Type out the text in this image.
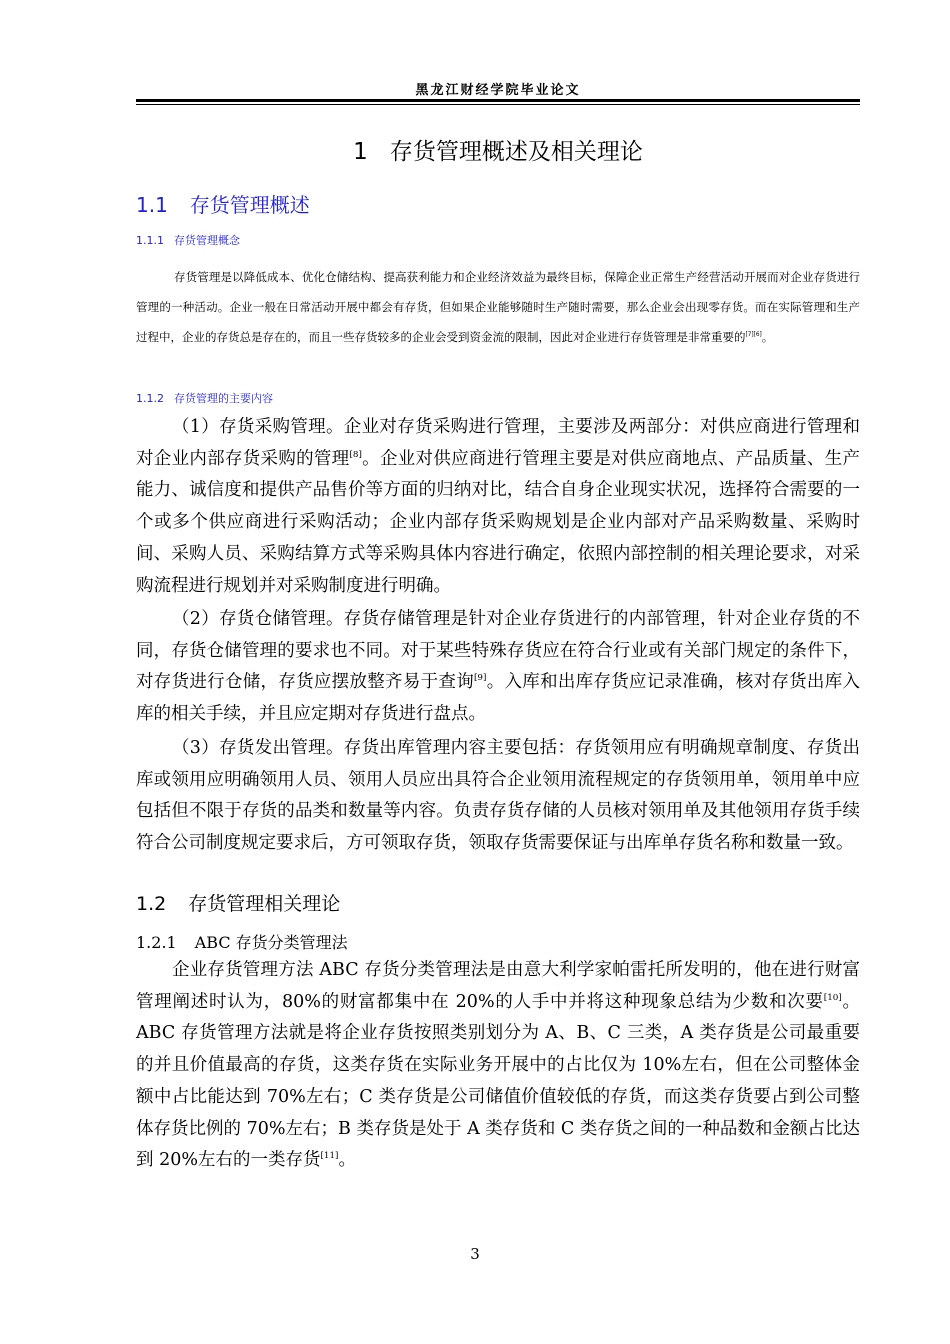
黑龙江财经学院毕业论文
1 存货管理概述及相关理论
1.1 存货管理概述
1.1.1 存货管理概念

存货管理是以降低成本、优化仓储结构、提高获利能力和企业经济效益为最终目标，保障企业正常生产经营活动开展而对企业存货进行管理的一种活动。企业一般在日常活动开展中都会有存货，但如果企业能够随时生产随时需要，那么企业会出现零存货。而在实际管理和生产过程中，企业的存货总是存在的，而且一些存货较多的企业会受到资金流的限制，因此对企业进行存货管理是非常重要的[7][6]。

1.1.2 存货管理的主要内容

（1）存货采购管理。企业对存货采购进行管理，主要涉及两部分：对供应商进行管理和对企业内部存货采购的管理[8]。企业对供应商进行管理主要是对供应商地点、产品质量、生产能力、诚信度和提供产品售价等方面的归纳对比，结合自身企业现实状况，选择符合需要的一个或多个供应商进行采购活动；企业内部存货采购规划是企业内部对产品采购数量、采购时间、采购人员、采购结算方式等采购具体内容进行确定，依照内部控制的相关理论要求，对采购流程进行规划并对采购制度进行明确。

（2）存货仓储管理。存货存储管理是针对企业存货进行的内部管理，针对企业存货的不同，存货仓储管理的要求也不同。对于某些特殊存货应在符合行业或有关部门规定的条件下，对存货进行仓储，存货应摆放整齐易于查询[9]。入库和出库存货应记录准确，核对存货出库入库的相关手续，并且应定期对存货进行盘点。

（3）存货发出管理。存货出库管理内容主要包括：存货领用应有明确规章制度、存货出库或领用应明确领用人员、领用人员应出具符合企业领用流程规定的存货领用单，领用单中应包括但不限于存货的品类和数量等内容。负责存货存储的人员核对领用单及其他领用存货手续符合公司制度规定要求后，方可领取存货，领取存货需要保证与出库单存货名称和数量一致。

1.2 存货管理相关理论
1.2.1 ABC 存货分类管理法

企业存货管理方法 ABC 存货分类管理法是由意大利学家帕雷托所发明的，他在进行财富管理阐述时认为，80%的财富都集中在 20%的人手中并将这种现象总结为少数和次要[10]。ABC 存货管理方法就是将企业存货按照类别划分为 A、B、C 三类，A 类存货是公司最重要的并且价值最高的存货，这类存货在实际业务开展中的占比仅为 10%左右，但在公司整体金额中占比能达到 70%左右；C 类存货是公司储值价值较低的存货，而这类存货要占到公司整体存货比例的 70%左右；B 类存货是处于 A 类存货和 C 类存货之间的一种品数和金额占比达到 20%左右的一类存货[11]。

3
